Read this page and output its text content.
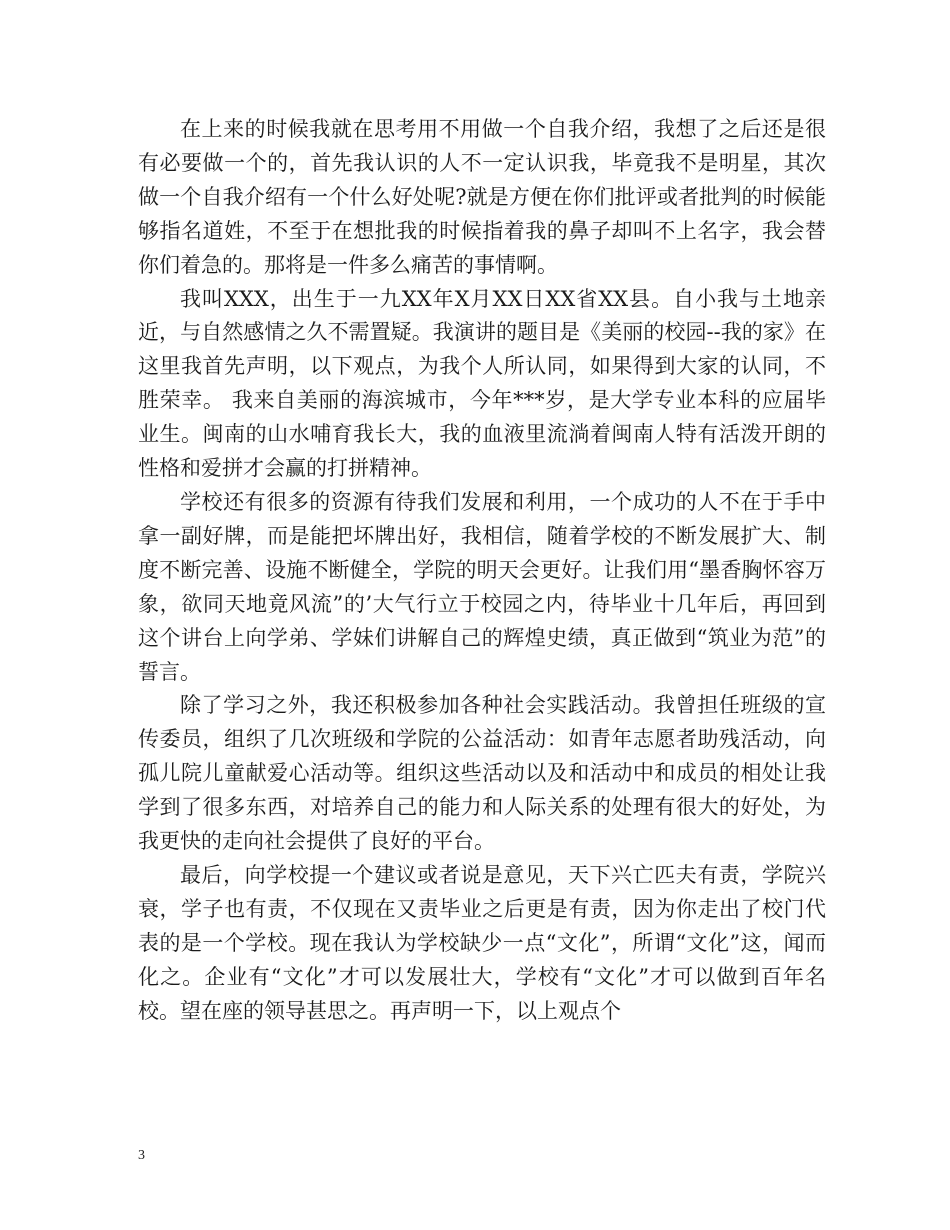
在上来的时候我就在思考用不用做一个自我介绍，我想了之后还是很有必要做一个的，首先我认识的人不一定认识我，毕竟我不是明星，其次做一个自我介绍有一个什么好处呢?就是方便在你们批评或者批判的时候能够指名道姓，不至于在想批我的时候指着我的鼻子却叫不上名字，我会替你们着急的。那将是一件多么痛苦的事情啊。

我叫XXX，出生于一九XX年X月XX日XX省XX县。自小我与土地亲近，与自然感情之久不需置疑。我演讲的题目是《美丽的校园--我的家》在这里我首先声明，以下观点，为我个人所认同，如果得到大家的认同，不胜荣幸。 我来自美丽的海滨城市，今年***岁，是大学专业本科的应届毕业生。闽南的山水哺育我长大，我的血液里流淌着闽南人特有活泼开朗的性格和爱拼才会赢的打拼精神。

学校还有很多的资源有待我们发展和利用，一个成功的人不在于手中拿一副好牌，而是能把坏牌出好，我相信，随着学校的不断发展扩大、制度不断完善、设施不断健全，学院的明天会更好。让我们用“墨香胸怀容万象，欲同天地竟风流”的’大气行立于校园之内，待毕业十几年后，再回到这个讲台上向学弟、学妹们讲解自己的辉煌史绩，真正做到“筑业为范”的誓言。

除了学习之外，我还积极参加各种社会实践活动。我曾担任班级的宣传委员，组织了几次班级和学院的公益活动：如青年志愿者助残活动，向孤儿院儿童献爱心活动等。组织这些活动以及和活动中和成员的相处让我学到了很多东西，对培养自己的能力和人际关系的处理有很大的好处，为我更快的走向社会提供了良好的平台。

最后，向学校提一个建议或者说是意见，天下兴亡匹夫有责，学院兴衰，学子也有责，不仅现在又责毕业之后更是有责，因为你走出了校门代表的是一个学校。现在我认为学校缺少一点“文化”，所谓“文化”这，闻而化之。企业有“文化”才可以发展壮大，学校有“文化”才可以做到百年名校。望在座的领导甚思之。再声明一下，以上观点个

3
